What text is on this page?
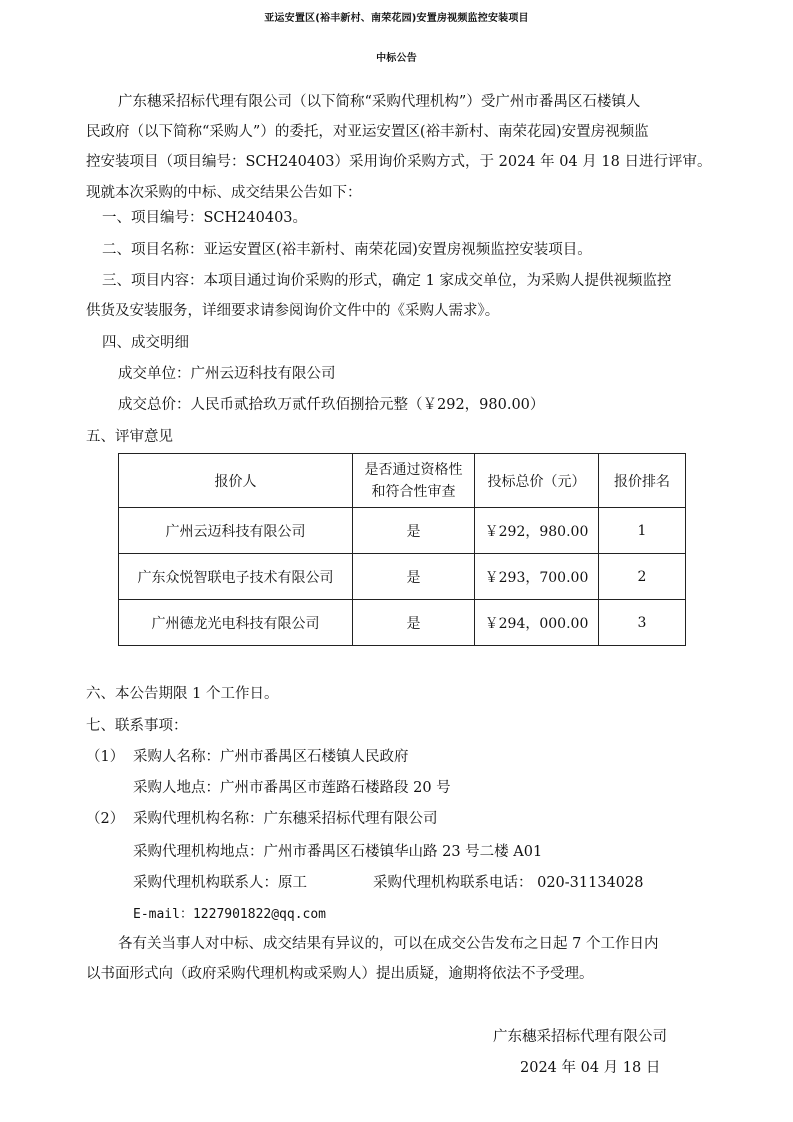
亚运安置区(裕丰新村、南荣花园)安置房视频监控安装项目
中标公告
广东穗采招标代理有限公司（以下简称“采购代理机构”）受广州市番禺区石楼镇人
民政府（以下简称“采购人”）的委托，对亚运安置区(裕丰新村、南荣花园)安置房视频监
控安装项目（项目编号：SCH240403）采用询价采购方式，于 2024 年 04 月 18 日进行评审。
现就本次采购的中标、成交结果公告如下：
一、项目编号：SCH240403。
二、项目名称：亚运安置区(裕丰新村、南荣花园)安置房视频监控安装项目。
三、项目内容：本项目通过询价采购的形式，确定 1 家成交单位，为采购人提供视频监控
供货及安装服务，详细要求请参阅询价文件中的《采购人需求》。
四、成交明细
成交单位：广州云迈科技有限公司
成交总价：人民币贰拾玖万贰仟玖佰捌拾元整（￥292，980.00）
五、评审意见
报价人	是否通过资格性
和符合性审查	投标总价（元）	报价排名
广州云迈科技有限公司	是	￥292，980.00	1
广东众悦智联电子技术有限公司	是	￥293，700.00	2
广州德龙光电科技有限公司	是	￥294，000.00	3
六、本公告期限 1 个工作日。
七、联系事项：
（1） 采购人名称：广州市番禺区石楼镇人民政府
采购人地点：广州市番禺区市莲路石楼路段 20 号
（2） 采购代理机构名称：广东穗采招标代理有限公司
采购代理机构地点：广州市番禺区石楼镇华山路 23 号二楼 A01
采购代理机构联系人：原工	采购代理机构联系电话： 020-31134028
E-mail：1227901822@qq.com
各有关当事人对中标、成交结果有异议的，可以在成交公告发布之日起 7 个工作日内
以书面形式向（政府采购代理机构或采购人）提出质疑，逾期将依法不予受理。
广东穗采招标代理有限公司
2024 年 04 月 18 日
